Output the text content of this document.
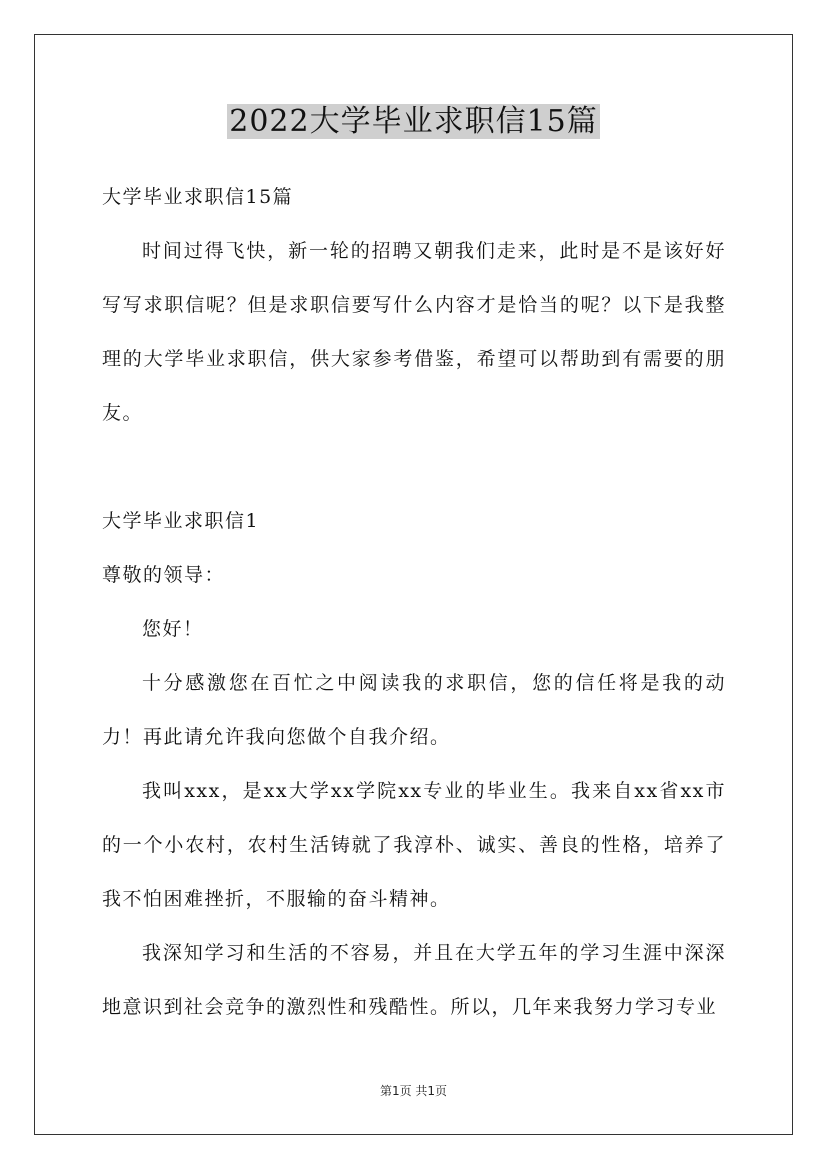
2022大学毕业求职信15篇

大学毕业求职信15篇

时间过得飞快，新一轮的招聘又朝我们走来，此时是不是该好好写写求职信呢？但是求职信要写什么内容才是恰当的呢？以下是我整理的大学毕业求职信，供大家参考借鉴，希望可以帮助到有需要的朋友。

大学毕业求职信1

尊敬的领导：

您好！

十分感激您在百忙之中阅读我的求职信，您的信任将是我的动力！再此请允许我向您做个自我介绍。

我叫xxx，是xx大学xx学院xx专业的毕业生。我来自xx省xx市的一个小农村，农村生活铸就了我淳朴、诚实、善良的性格，培养了我不怕困难挫折，不服输的奋斗精神。

我深知学习和生活的不容易，并且在大学五年的学习生涯中深深地意识到社会竞争的激烈性和残酷性。所以，几年来我努力学习专业

第1页 共1页
